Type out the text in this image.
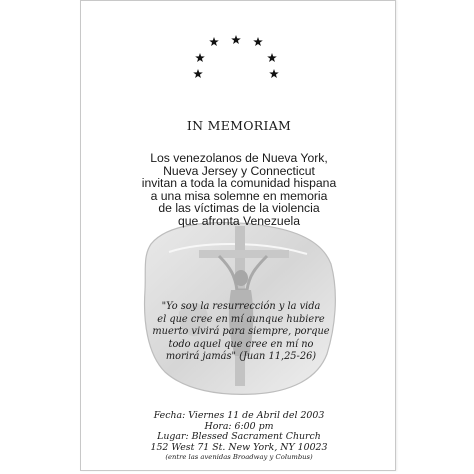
IN MEMORIAM
Los venezolanos de Nueva York,
Nueva Jersey y Connecticut
invitan a toda la comunidad hispana
a una misa solemne en memoria
de las víctimas de la violencia
que afronta Venezuela
"Yo soy la resurrección y la vida
el que cree en mí aunque hubiere
muerto vivirá para siempre, porque
todo aquel que cree en mí no
morirá jamás" (Juan 11,25-26)
Fecha: Viernes 11 de Abril del 2003
Hora: 6:00 pm
Lugar: Blessed Sacrament Church
152 West 71 St. New York, NY 10023
(entre las avenidas Broadway y Columbus)
